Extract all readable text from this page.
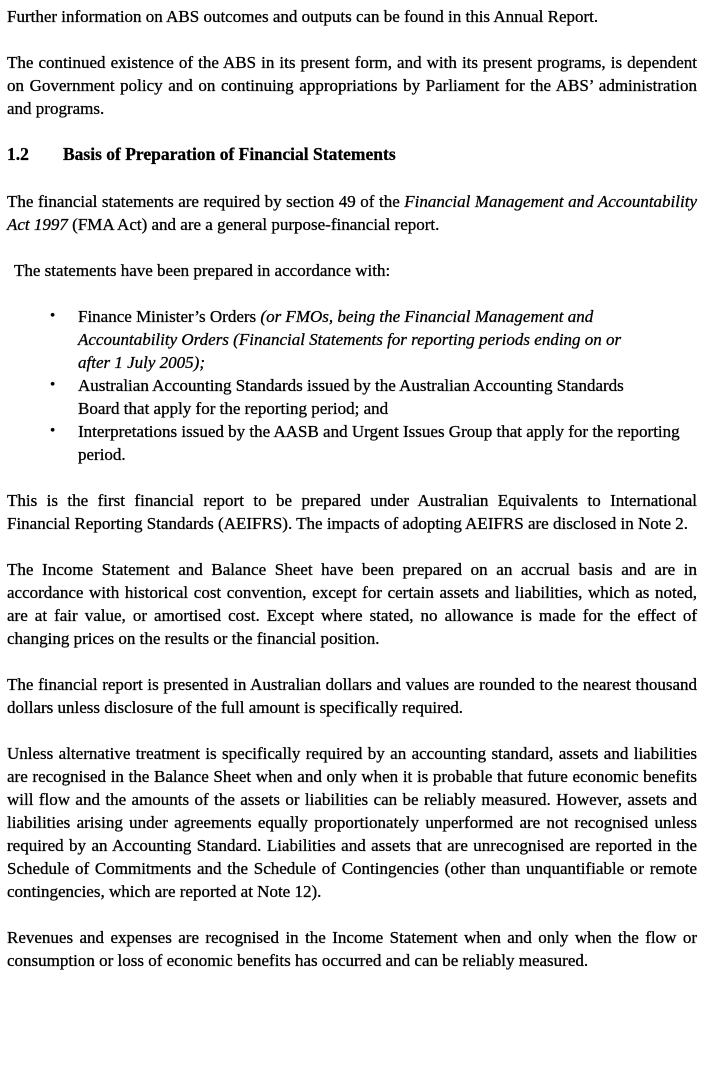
Further information on ABS outcomes and outputs can be found in this Annual Report.

The continued existence of the ABS in its present form, and with its present programs, is dependent on Government policy and on continuing appropriations by Parliament for the ABS’ administration and programs.

1.2 Basis of Preparation of Financial Statements

The financial statements are required by section 49 of the Financial Management and Accountability Act 1997 (FMA Act) and are a general purpose-financial report.

The statements have been prepared in accordance with:

•	Finance Minister’s Orders (or FMOs, being the Financial Management and Accountability Orders (Financial Statements for reporting periods ending on or after 1 July 2005);
•	Australian Accounting Standards issued by the Australian Accounting Standards Board that apply for the reporting period; and
•	Interpretations issued by the AASB and Urgent Issues Group that apply for the reporting period.

This is the first financial report to be prepared under Australian Equivalents to International Financial Reporting Standards (AEIFRS). The impacts of adopting AEIFRS are disclosed in Note 2.

The Income Statement and Balance Sheet have been prepared on an accrual basis and are in accordance with historical cost convention, except for certain assets and liabilities, which as noted, are at fair value, or amortised cost. Except where stated, no allowance is made for the effect of changing prices on the results or the financial position.

The financial report is presented in Australian dollars and values are rounded to the nearest thousand dollars unless disclosure of the full amount is specifically required.

Unless alternative treatment is specifically required by an accounting standard, assets and liabilities are recognised in the Balance Sheet when and only when it is probable that future economic benefits will flow and the amounts of the assets or liabilities can be reliably measured. However, assets and liabilities arising under agreements equally proportionately unperformed are not recognised unless required by an Accounting Standard. Liabilities and assets that are unrecognised are reported in the Schedule of Commitments and the Schedule of Contingencies (other than unquantifiable or remote contingencies, which are reported at Note 12).

Revenues and expenses are recognised in the Income Statement when and only when the flow or consumption or loss of economic benefits has occurred and can be reliably measured.
